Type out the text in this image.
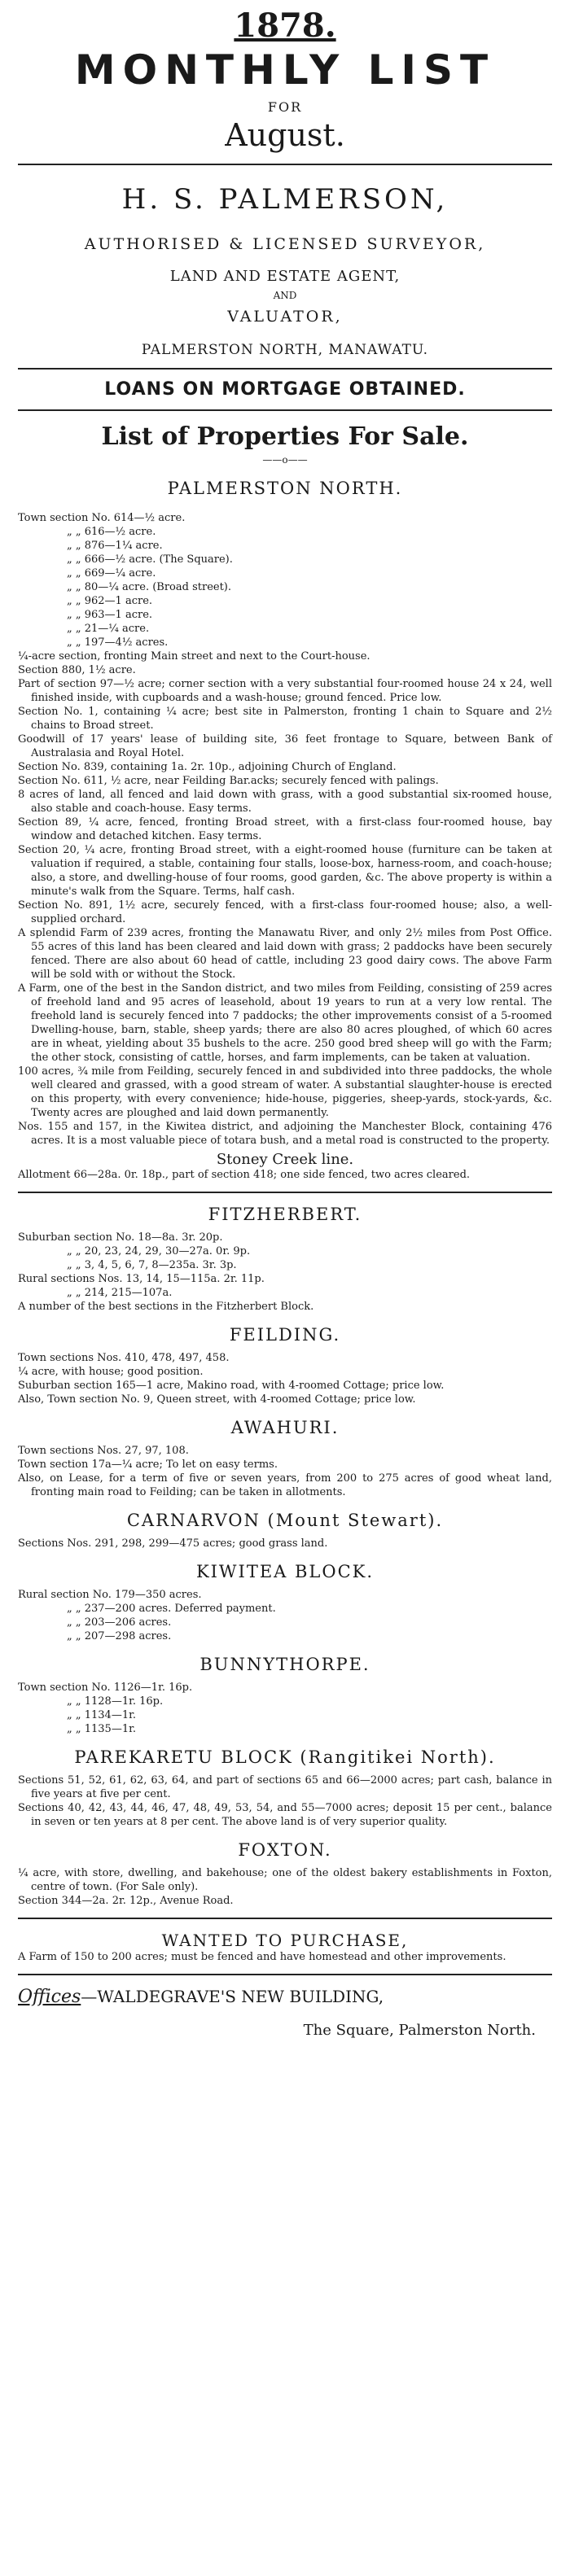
1878.
MONTHLY LIST
FOR
August.
H. S. PALMERSON,
AUTHORISED & LICENSED SURVEYOR,
LAND AND ESTATE AGENT,
AND
VALUATOR,
PALMERSTON NORTH, MANAWATU.
LOANS ON MORTGAGE OBTAINED.
List of Properties For Sale.
——o——
PALMERSTON NORTH.

Town section No. 614—½ acre.

„ „ 616—½ acre.

„ „ 876—1¼ acre.

„ „ 666—½ acre. (The Square).

„ „ 669—¼ acre.

„ „ 80—¼ acre. (Broad street).

„ „ 962—1 acre.

„ „ 963—1 acre.

„ „ 21—¼ acre.

„ „ 197—4½ acres.

¼-acre section, fronting Main street and next to the Court-house.

Section 880, 1½ acre.

Part of section 97—½ acre; corner section with a very substantial four-roomed house 24 x 24, well finished inside, with cupboards and a wash-house; ground fenced. Price low.

Section No. 1, containing ¼ acre; best site in Palmerston, fronting 1 chain to Square and 2½ chains to Broad street.

Goodwill of 17 years' lease of building site, 36 feet frontage to Square, between Bank of Australasia and Royal Hotel.

Section No. 839, containing 1a. 2r. 10p., adjoining Church of England.

Section No. 611, ½ acre, near Feilding Bar.acks; securely fenced with palings.

8 acres of land, all fenced and laid down with grass, with a good substantial six-roomed house, also stable and coach-house. Easy terms.

Section 89, ¼ acre, fenced, fronting Broad street, with a first-class four-roomed house, bay window and detached kitchen. Easy terms.

Section 20, ¼ acre, fronting Broad street, with a eight-roomed house (furniture can be taken at valuation if required, a stable, containing four stalls, loose-box, harness-room, and coach-house; also, a store, and dwelling-house of four rooms, good garden, &c. The above property is within a minute's walk from the Square. Terms, half cash.

Section No. 891, 1½ acre, securely fenced, with a first-class four-roomed house; also, a well-supplied orchard.

A splendid Farm of 239 acres, fronting the Manawatu River, and only 2½ miles from Post Office. 55 acres of this land has been cleared and laid down with grass; 2 paddocks have been securely fenced. There are also about 60 head of cattle, including 23 good dairy cows. The above Farm will be sold with or without the Stock.

A Farm, one of the best in the Sandon district, and two miles from Feilding, consisting of 259 acres of freehold land and 95 acres of leasehold, about 19 years to run at a very low rental. The freehold land is securely fenced into 7 paddocks; the other improvements consist of a 5-roomed Dwelling-house, barn, stable, sheep yards; there are also 80 acres ploughed, of which 60 acres are in wheat, yielding about 35 bushels to the acre. 250 good bred sheep will go with the Farm; the other stock, consisting of cattle, horses, and farm implements, can be taken at valuation.

100 acres, ¾ mile from Feilding, securely fenced in and subdivided into three paddocks, the whole well cleared and grassed, with a good stream of water. A substantial slaughter-house is erected on this property, with every convenience; hide-house, piggeries, sheep-yards, stock-yards, &c. Twenty acres are ploughed and laid down permanently.

Nos. 155 and 157, in the Kiwitea district, and adjoining the Manchester Block, containing 476 acres. It is a most valuable piece of totara bush, and a metal road is constructed to the property.

Stoney Creek line.

Allotment 66—28a. 0r. 18p., part of section 418; one side fenced, two acres cleared.

FITZHERBERT.

Suburban section No. 18—8a. 3r. 20p.

„ „ 20, 23, 24, 29, 30—27a. 0r. 9p.

„ „ 3, 4, 5, 6, 7, 8—235a. 3r. 3p.

Rural sections Nos. 13, 14, 15—115a. 2r. 11p.

„ „ 214, 215—107a.

A number of the best sections in the Fitzherbert Block.

FEILDING.

Town sections Nos. 410, 478, 497, 458.

¼ acre, with house; good position.

Suburban section 165—1 acre, Makino road, with 4-roomed Cottage; price low.

Also, Town section No. 9, Queen street, with 4-roomed Cottage; price low.

AWAHURI.

Town sections Nos. 27, 97, 108.

Town section 17a—¼ acre; To let on easy terms.

Also, on Lease, for a term of five or seven years, from 200 to 275 acres of good wheat land, fronting main road to Feilding; can be taken in allotments.

CARNARVON (Mount Stewart).

Sections Nos. 291, 298, 299—475 acres; good grass land.

KIWITEA BLOCK.

Rural section No. 179—350 acres.

„ „ 237—200 acres. Deferred payment.

„ „ 203—206 acres.

„ „ 207—298 acres.

BUNNYTHORPE.

Town section No. 1126—1r. 16p.

„ „ 1128—1r. 16p.

„ „ 1134—1r.

„ „ 1135—1r.

PAREKARETU BLOCK (Rangitikei North).

Sections 51, 52, 61, 62, 63, 64, and part of sections 65 and 66—2000 acres; part cash, balance in five years at five per cent.

Sections 40, 42, 43, 44, 46, 47, 48, 49, 53, 54, and 55—7000 acres; deposit 15 per cent., balance in seven or ten years at 8 per cent. The above land is of very superior quality.

FOXTON.

¼ acre, with store, dwelling, and bakehouse; one of the oldest bakery establishments in Foxton, centre of town. (For Sale only).

Section 344—2a. 2r. 12p., Avenue Road.

WANTED TO PURCHASE,

A Farm of 150 to 200 acres; must be fenced and have homestead and other improvements.

Offices—WALDEGRAVE'S NEW BUILDING,
The Square, Palmerston North.
